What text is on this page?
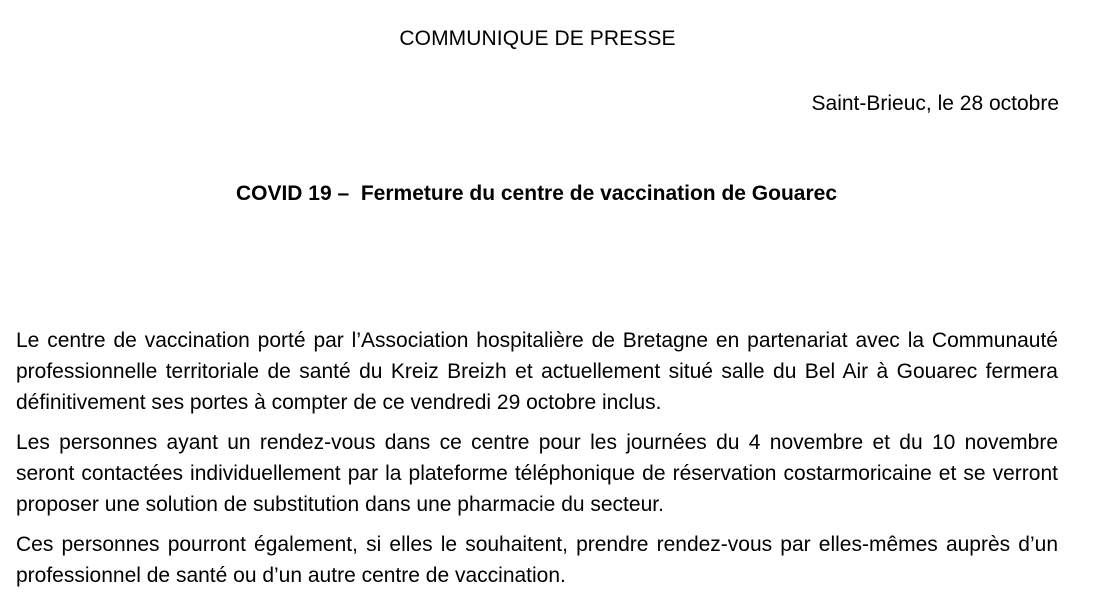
COMMUNIQUE DE PRESSE
Saint-Brieuc, le 28 octobre
COVID 19 –  Fermeture du centre de vaccination de Gouarec

Le centre de vaccination porté par l’Association hospitalière de Bretagne en partenariat avec la Communauté professionnelle territoriale de santé du Kreiz Breizh et actuellement situé salle du Bel Air à Gouarec fermera définitivement ses portes à compter de ce vendredi 29 octobre inclus.

Les personnes ayant un rendez-vous dans ce centre pour les journées du 4 novembre et du 10 novembre seront contactées individuellement par la plateforme téléphonique de réservation costarmoricaine et se verront proposer une solution de substitution dans une pharmacie du secteur.

Ces personnes pourront également, si elles le souhaitent, prendre rendez-vous par elles-mêmes auprès d’un professionnel de santé ou d’un autre centre de vaccination.
